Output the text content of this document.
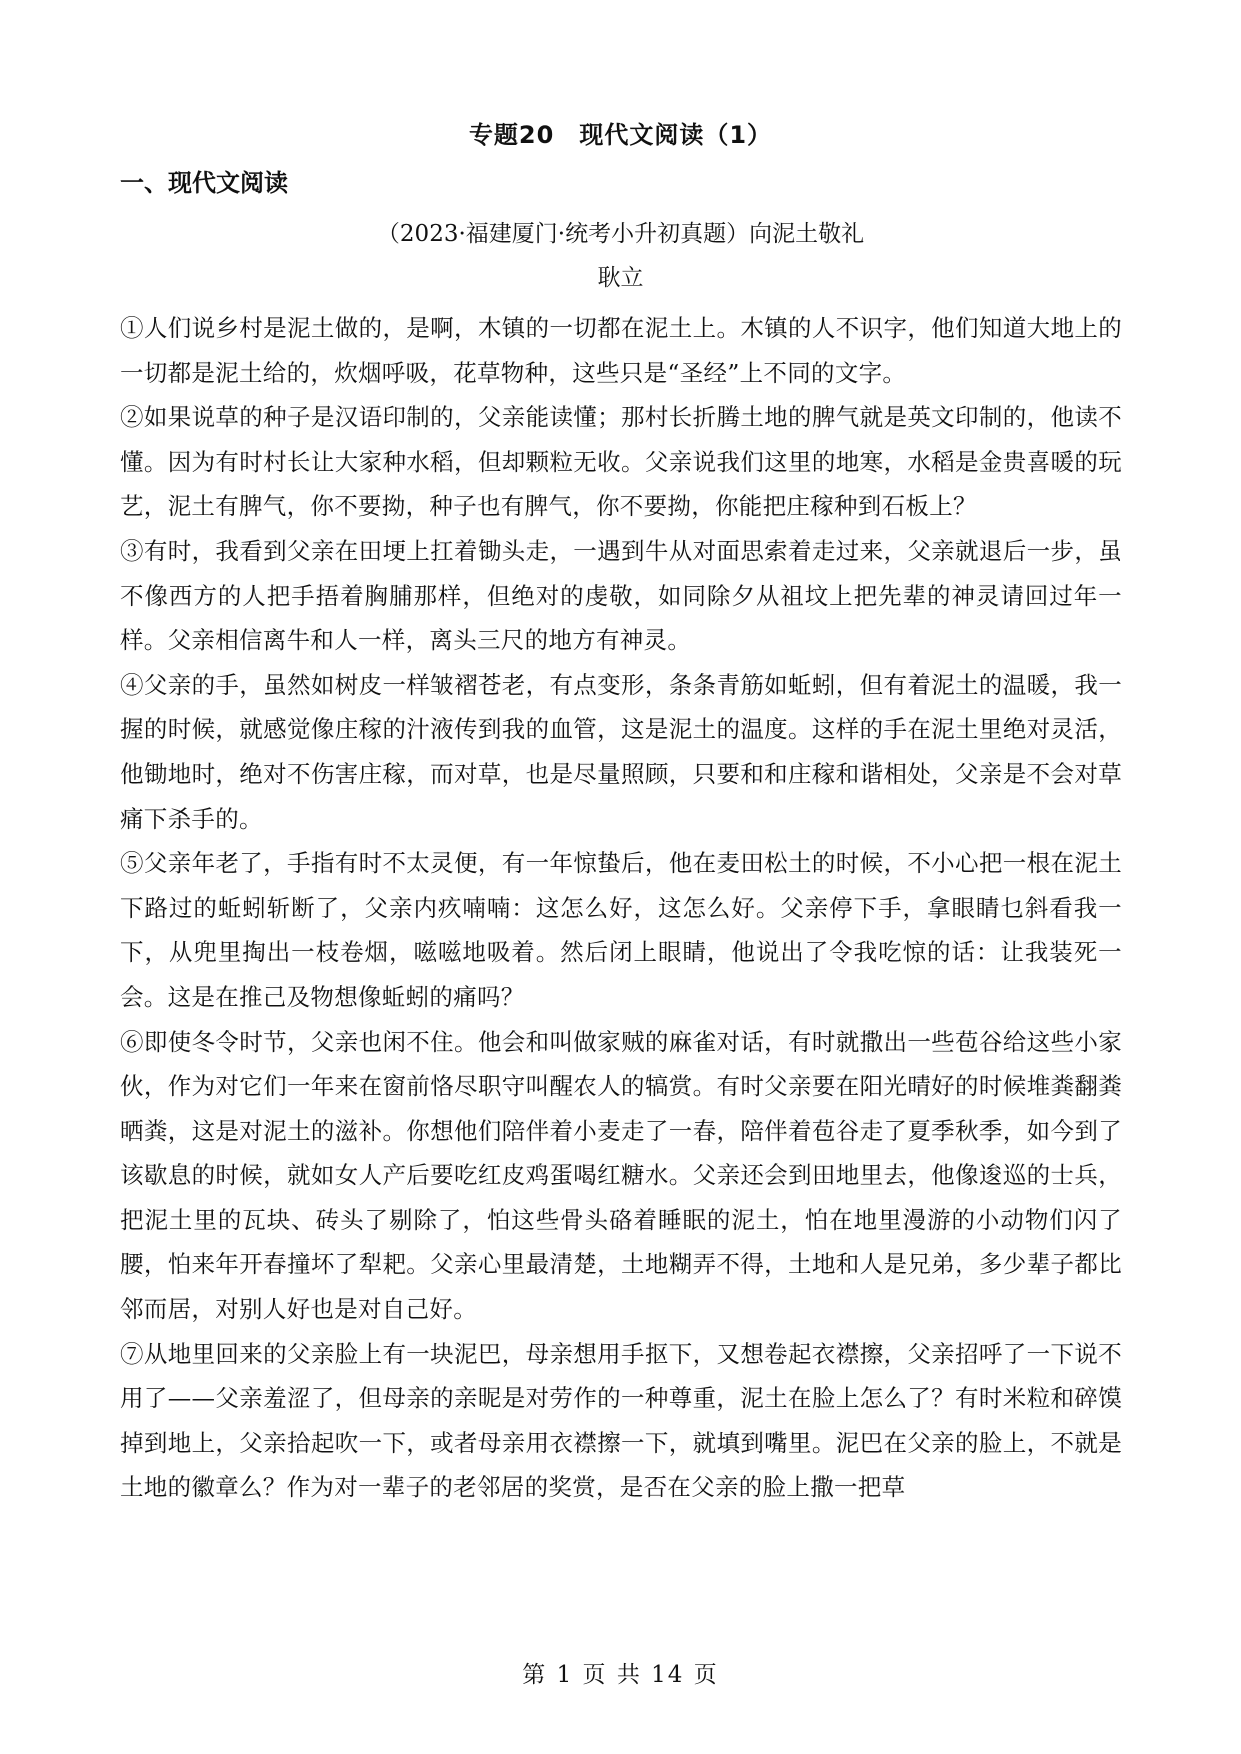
专题20　现代文阅读（1）
一、现代文阅读
（2023·福建厦门·统考小升初真题）向泥土敬礼
耿立

①人们说乡村是泥土做的，是啊，木镇的一切都在泥土上。木镇的人不识字，他们知道大地上的一切都是泥土给的，炊烟呼吸，花草物种，这些只是“圣经”上不同的文字。

②如果说草的种子是汉语印制的，父亲能读懂；那村长折腾土地的脾气就是英文印制的，他读不懂。因为有时村长让大家种水稻，但却颗粒无收。父亲说我们这里的地寒，水稻是金贵喜暖的玩艺，泥土有脾气，你不要拗，种子也有脾气，你不要拗，你能把庄稼种到石板上？

③有时，我看到父亲在田埂上扛着锄头走，一遇到牛从对面思索着走过来，父亲就退后一步，虽不像西方的人把手捂着胸脯那样，但绝对的虔敬，如同除夕从祖坟上把先辈的神灵请回过年一样。父亲相信离牛和人一样，离头三尺的地方有神灵。

④父亲的手，虽然如树皮一样皱褶苍老，有点变形，条条青筋如蚯蚓，但有着泥土的温暖，我一握的时候，就感觉像庄稼的汁液传到我的血管，这是泥土的温度。这样的手在泥土里绝对灵活，他锄地时，绝对不伤害庄稼，而对草，也是尽量照顾，只要和和庄稼和谐相处，父亲是不会对草痛下杀手的。

⑤父亲年老了，手指有时不太灵便，有一年惊蛰后，他在麦田松土的时候，不小心把一根在泥土下路过的蚯蚓斩断了，父亲内疚喃喃：这怎么好，这怎么好。父亲停下手，拿眼睛乜斜看我一下，从兜里掏出一枝卷烟，嗞嗞地吸着。然后闭上眼睛，他说出了令我吃惊的话：让我装死一会。这是在推己及物想像蚯蚓的痛吗？

⑥即使冬令时节，父亲也闲不住。他会和叫做家贼的麻雀对话，有时就撒出一些苞谷给这些小家伙，作为对它们一年来在窗前恪尽职守叫醒农人的犒赏。有时父亲要在阳光晴好的时候堆粪翻粪晒粪，这是对泥土的滋补。你想他们陪伴着小麦走了一春，陪伴着苞谷走了夏季秋季，如今到了该歇息的时候，就如女人产后要吃红皮鸡蛋喝红糖水。父亲还会到田地里去，他像逡巡的士兵，把泥土里的瓦块、砖头了剔除了，怕这些骨头硌着睡眠的泥土，怕在地里漫游的小动物们闪了腰，怕来年开春撞坏了犁耙。父亲心里最清楚，土地糊弄不得，土地和人是兄弟，多少辈子都比邻而居，对别人好也是对自己好。

⑦从地里回来的父亲脸上有一块泥巴，母亲想用手抠下，又想卷起衣襟擦，父亲招呼了一下说不用了——父亲羞涩了，但母亲的亲昵是对劳作的一种尊重，泥土在脸上怎么了？有时米粒和碎馍掉到地上，父亲拾起吹一下，或者母亲用衣襟擦一下，就填到嘴里。泥巴在父亲的脸上，不就是土地的徽章么？作为对一辈子的老邻居的奖赏，是否在父亲的脸上撒一把草

第 1 页 共 14 页
